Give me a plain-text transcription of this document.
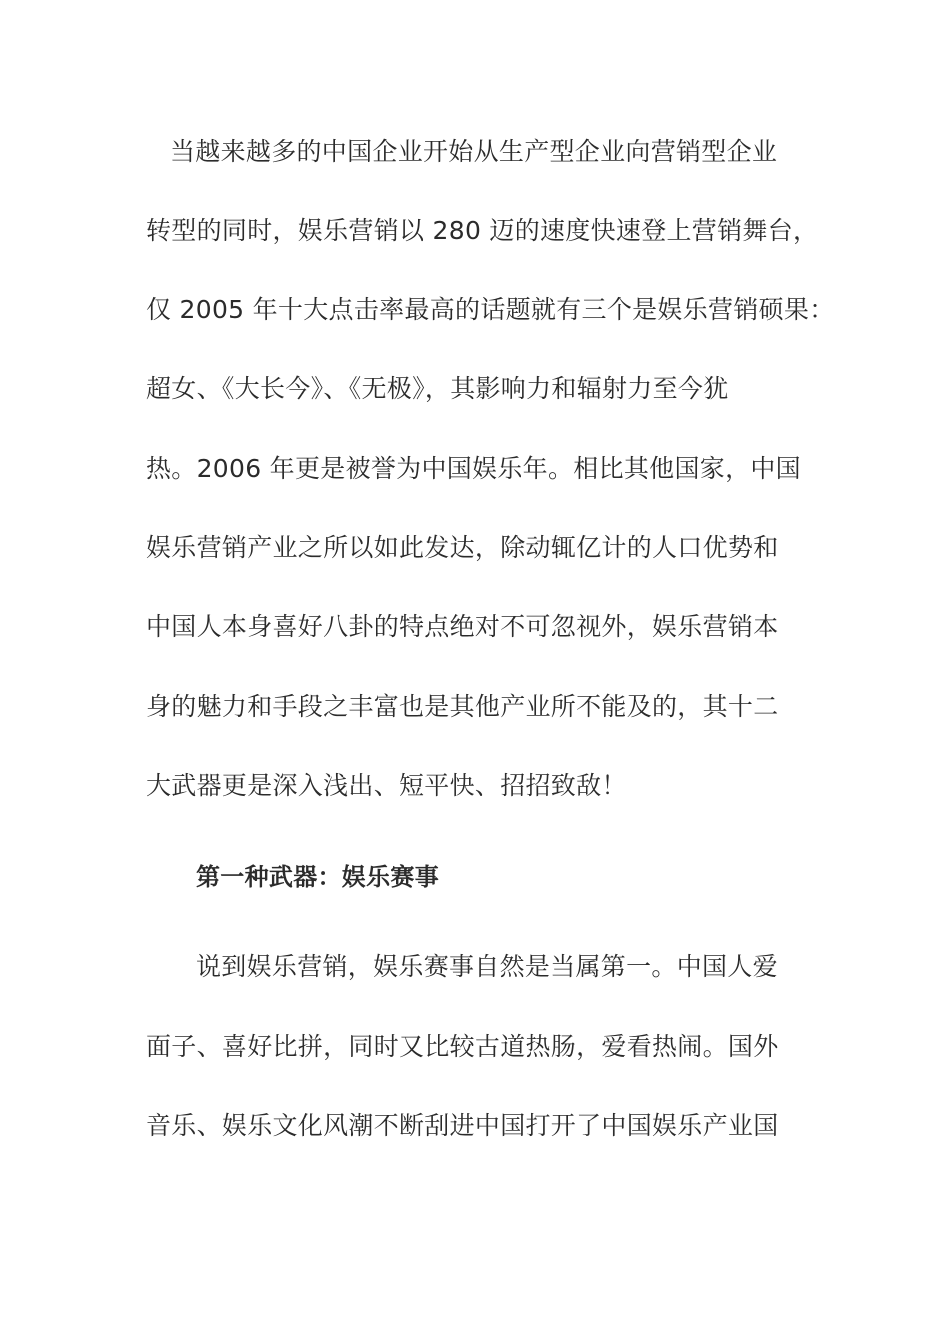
当越来越多的中国企业开始从生产型企业向营销型企业
转型的同时，娱乐营销以 280 迈的速度快速登上营销舞台，
仅 2005 年十大点击率最高的话题就有三个是娱乐营销硕果：
超女、《大长今》、《无极》，其影响力和辐射力至今犹
热。2006 年更是被誉为中国娱乐年。相比其他国家，中国
娱乐营销产业之所以如此发达，除动辄亿计的人口优势和
中国人本身喜好八卦的特点绝对不可忽视外，娱乐营销本
身的魅力和手段之丰富也是其他产业所不能及的，其十二
大武器更是深入浅出、短平快、招招致敌！
第一种武器：娱乐赛事
说到娱乐营销，娱乐赛事自然是当属第一。中国人爱
面子、喜好比拼，同时又比较古道热肠，爱看热闹。国外
音乐、娱乐文化风潮不断刮进中国打开了中国娱乐产业国
